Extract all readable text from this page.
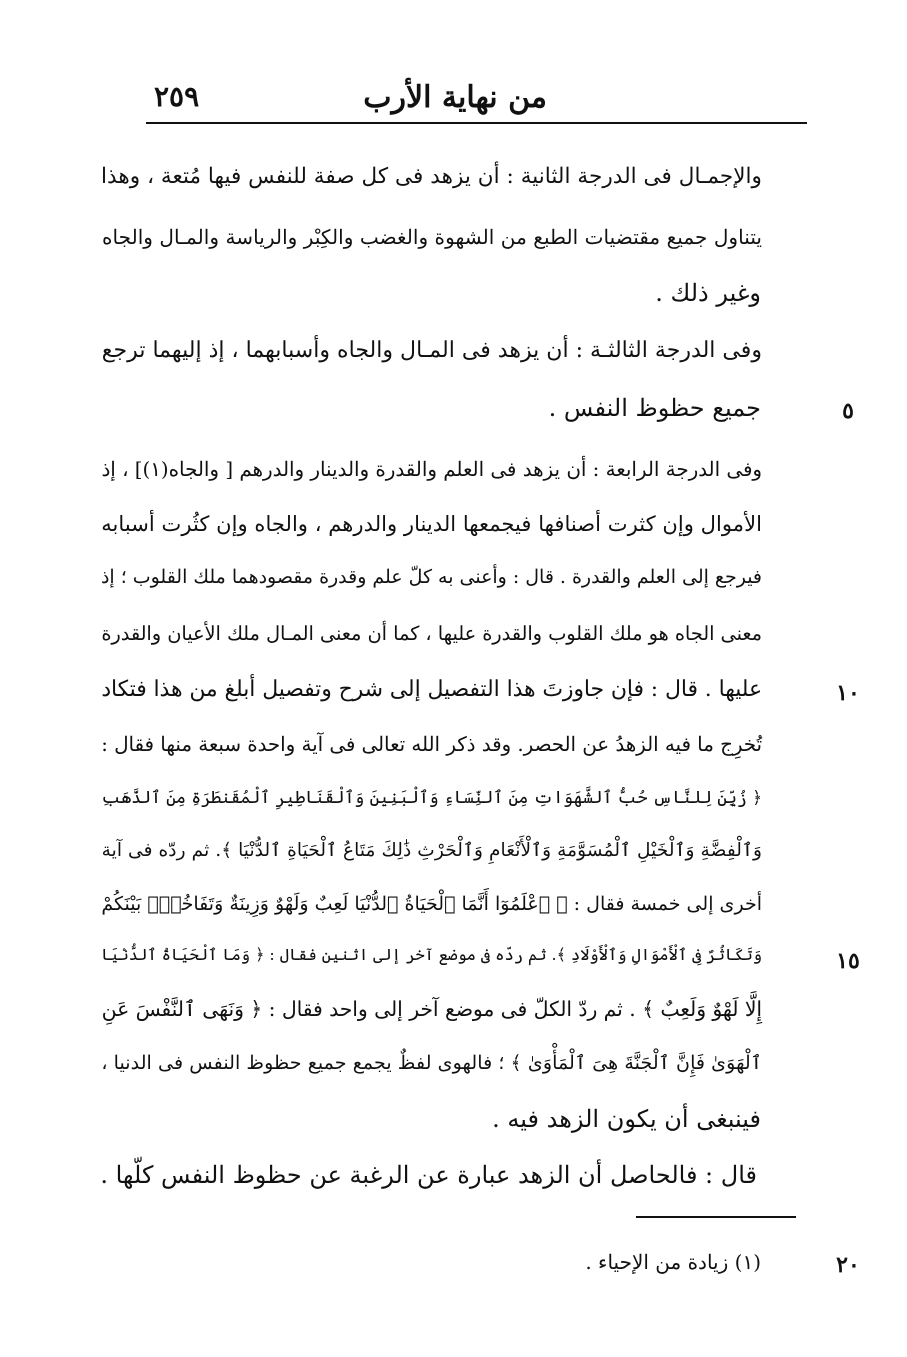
من نهاية الأرب
٢٥٩
والإجمـال فى الدرجة الثانية : أن يزهد فى كل صفة للنفس فيها مُتعة ، وهذا
يتناول جميع مقتضيات الطبع من الشهوة والغضب والكِبْر والرياسة والمـال والجاه
وغير ذلك .
وفى الدرجة الثالثـة : أن يزهد فى المـال والجاه وأسبابهما ، إذ إليهما ترجع
جميع حظوظ النفس .	٥
وفى الدرجة الرابعة : أن يزهد فى العلم والقدرة والدينار والدرهم [ والجاه(١)] ، إذ
الأموال وإن كثرت أصنافها فيجمعها الدينار والدرهم ، والجاه وإن كثُرت أسبابه
فيرجع إلى العلم والقدرة . قال : وأعنى به كلّ علم وقدرة مقصودهما ملك القلوب ؛ إذ
معنى الجاه هو ملك القلوب والقدرة عليها ، كما أن معنى المـال ملك الأعيان والقدرة
عليها . قال : فإن جاوزتَ هذا التفصيل إلى شرح وتفصيل أبلغ من هذا فتكاد	١٠
تُخرِج ما فيه الزهدُ عن الحصر. وقد ذكر الله تعالى فى آية واحدة سبعة منها فقال :
﴿ زُيِّنَ لِلنَّاسِ حُبُّ ٱلشَّهَوَاتِ مِنَ ٱلنِّسَاءِ وَٱلْبَنِينَ وَٱلْقَنَاطِيرِ ٱلْمُقَنطَرَةِ مِنَ ٱلذَّهَبِ
وَٱلْفِضَّةِ وَٱلْخَيْلِ ٱلْمُسَوَّمَةِ وَٱلْأَنْعَامِ وَٱلْحَرْثِ ذَٰلِكَ مَتَاعُ ٱلْحَيَاةِ ٱلدُّنْيَا ﴾. ثم ردّه فى آية
أخرى إلى خمسة فقال : ﴿ ٱعْلَمُوٓا أَنَّمَا ٱلْحَيَاةُ ٱلدُّنْيَا لَعِبٌ وَلَهْوٌ وَزِينَةٌ وَتَفَاخُرٌۢ بَيْنَكُمْ
وَتَكَاثُرٌ فِى ٱلْأَمْوَالِ وَٱلْأَوْلَادِ ﴾. ثم ردّه فى موضع آخر إلى اثنين فقال : ﴿ وَمَا ٱلْحَيَاةُ ٱلدُّنْيَا	١٥
إِلَّا لَهْوٌ وَلَعِبٌ ﴾ . ثم ردّ الكلّ فى موضع آخر إلى واحد فقال : ﴿ وَنَهَى ٱلنَّفْسَ عَنِ
ٱلْهَوَىٰ فَإِنَّ ٱلْجَنَّةَ هِىَ ٱلْمَأْوَىٰ ﴾ ؛ فالهوى لفظٌ يجمع جميع حظوظ النفس فى الدنيا ،
فينبغى أن يكون الزهد فيه .
قال : فالحاصل أن الزهد عبارة عن الرغبة عن حظوظ النفس كلّها .
(١) زيادة من الإحياء .	٢٠
